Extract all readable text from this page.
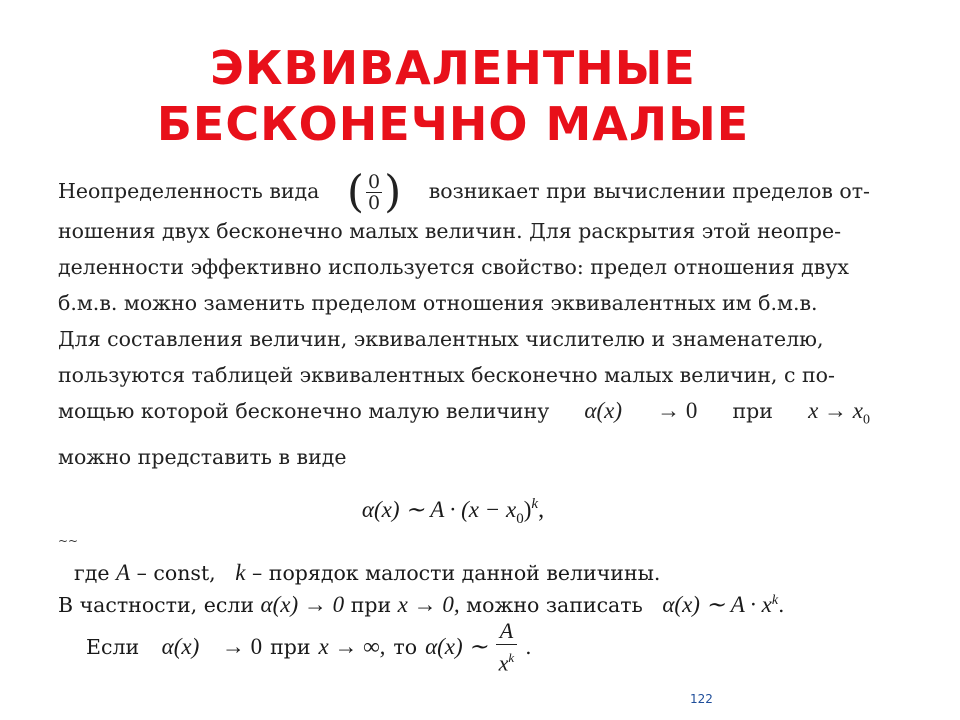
ЭКВИВАЛЕНТНЫЕ
БЕСКОНЕЧНО МАЛЫЕ
Неопределенность вида ( $\frac{0}{0}$ ) возникает при вычислении пределов от-
ношения двух бесконечно малых величин. Для раскрытия этой неопре-
деленности эффективно используется свойство: предел отношения двух
б.м.в. можно заменить пределом отношения эквивалентных им б.м.в.
Для составления величин, эквивалентных числителю и знаменателю,
пользуются таблицей эквивалентных бесконечно малых величин, с по-
мощью которой бесконечно малую величину α(x) → 0 при $x \to x_0$
можно представить в виде
α(x) ∼ $A \cdot (x - x_0)^k$,
~~
где A – const, k – порядок малости данной величины.
В частности, если α(x) → 0 при x → 0, можно записать α(x) ∼ $A \cdot x^k$.
Если
α(x)
→ 0 при x → ∞, то α(x) ∼ $\frac{A}{x^k}$ .
122
